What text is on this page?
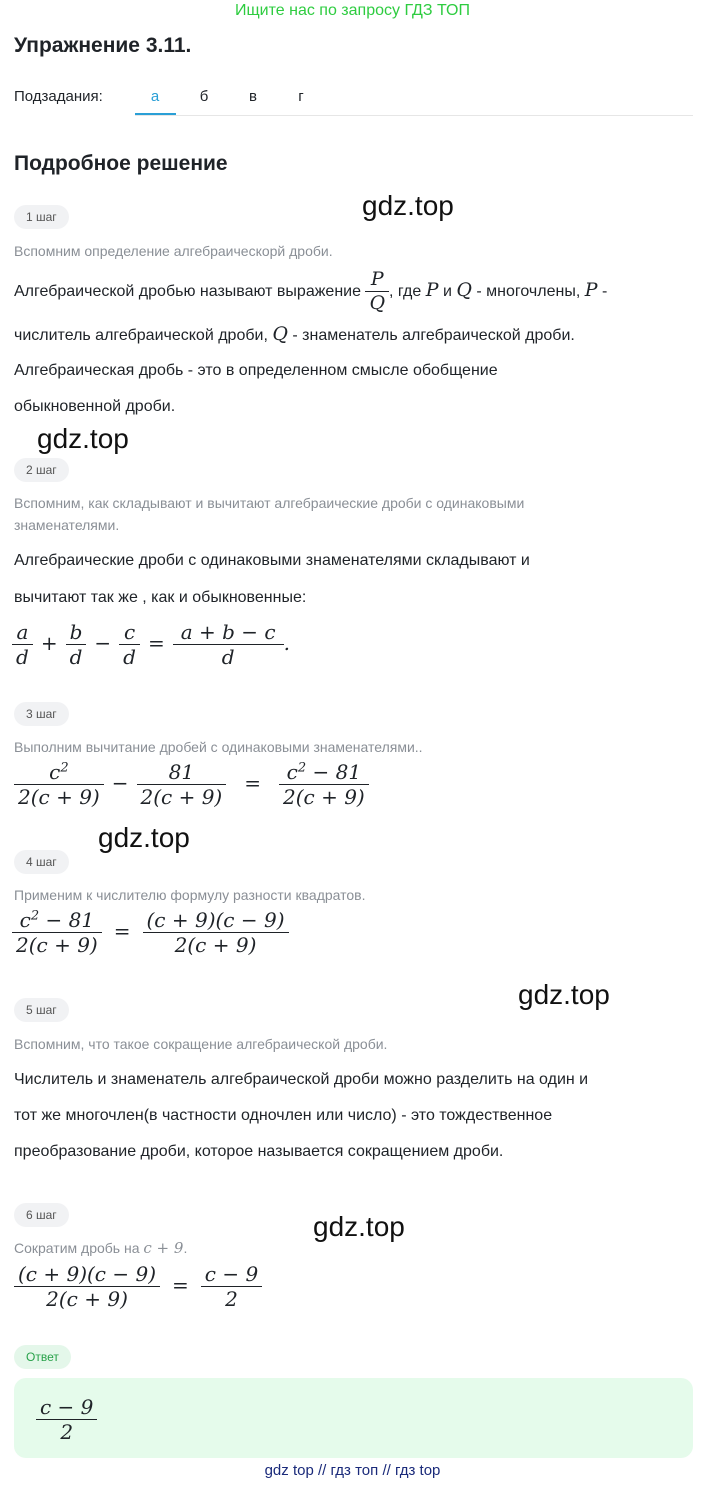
Ищите нас по запросу ГДЗ ТОП
Упражнение 3.11.
Подзадания:	а	б	в	г
Подробное решение
gdz.top
gdz.top
gdz.top
gdz.top
gdz.top
1 шаг
Вспомним определение алгебраическорй дроби.
Алгебраической дробью называют выражение $\frac{P}{Q}$ , где P и Q - многочлены, P -
числитель алгебраической дроби, Q - знаменатель алгебраической дроби.
Алгебраическая дробь - это в определенном смысле обобщение
обыкновенной дроби.
2 шаг
Вспомним, как складывают и вычитают алгебраические дроби с одинаковыми
знаменателями.
Алгебраические дроби с одинаковыми знаменателями складывают и
вычитают так же , как и обыкновенные:
$\frac{a}{d} + \frac{b}{d} - \frac{c}{d} = \frac{a + b - c}{d}$ .
3 шаг
Выполним вычитание дробей с одинаковыми знаменателями..
$\frac{c^2}{2(c + 9)} - \frac{81}{2(c + 9)} = \frac{c^2 - 81}{2(c + 9)}$
4 шаг
Применим к числителю формулу разности квадратов.
$\frac{c^2 - 81}{2(c + 9)} = \frac{(c + 9)(c - 9)}{2(c + 9)}$
5 шаг
Вспомним, что такое сокращение алгебраической дроби.
Числитель и знаменатель алгебраической дроби можно разделить на один и
тот же многочлен(в частности одночлен или число) - это тождественное
преобразование дроби, которое называется сокращением дроби.
6 шаг
Сократим дробь на c + 9.
$\frac{(c + 9)(c - 9)}{2(c + 9)} = \frac{c - 9}{2}$
Ответ
$\frac{c - 9}{2}$
gdz top // гдз топ // гдз top
